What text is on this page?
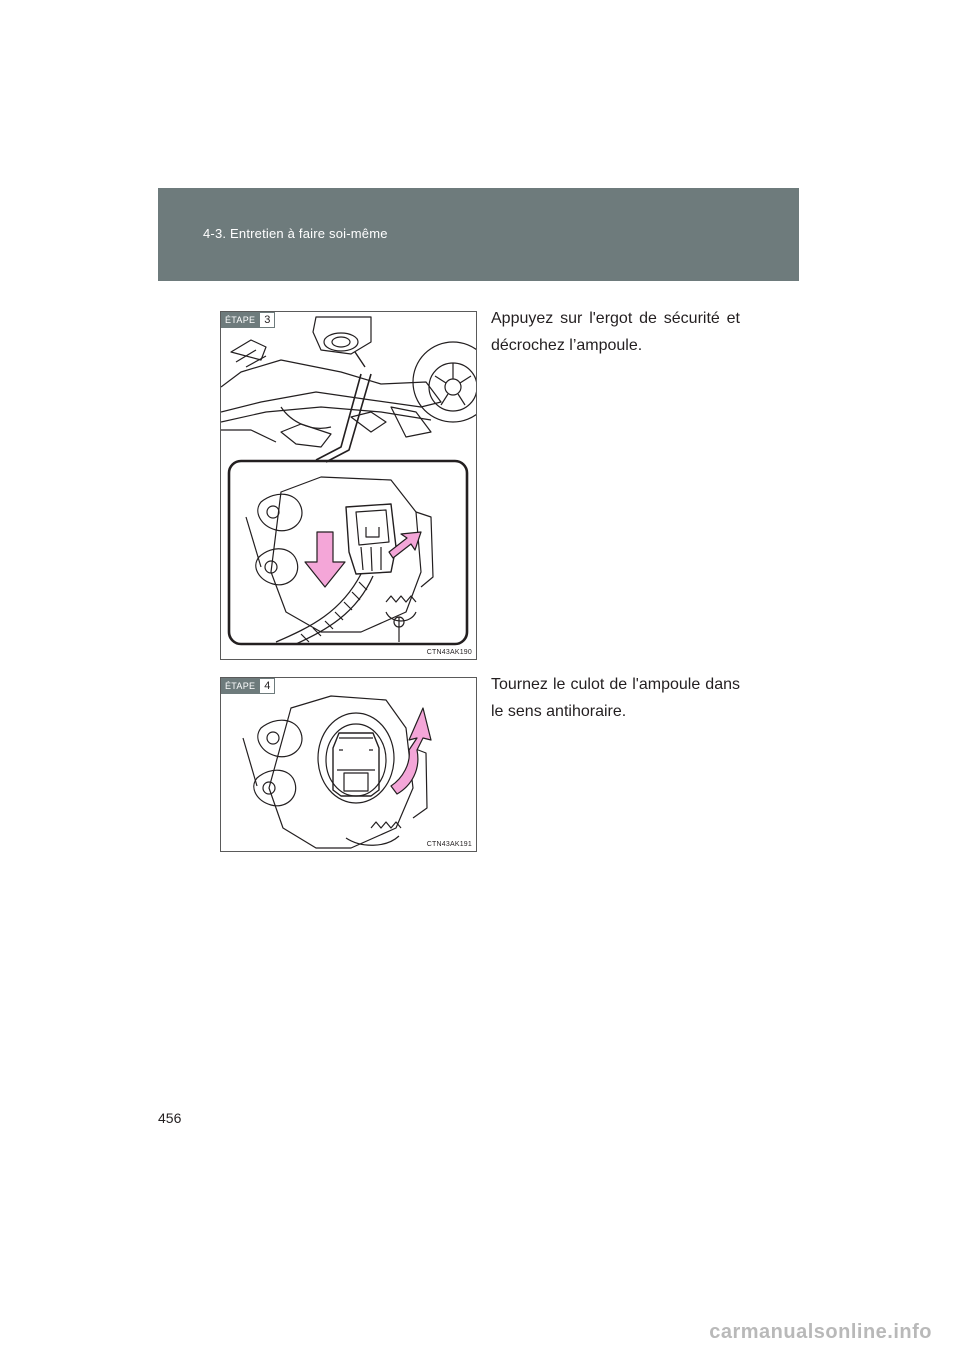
4-3. Entretien à faire soi-même
ÉTAPE 3
CTN43AK190
Appuyez sur l'ergot de sécurité et décrochez l’ampoule.
ÉTAPE 4
CTN43AK191
Tournez le culot de l'ampoule dans le sens antihoraire.
456
carmanualsonline.info
